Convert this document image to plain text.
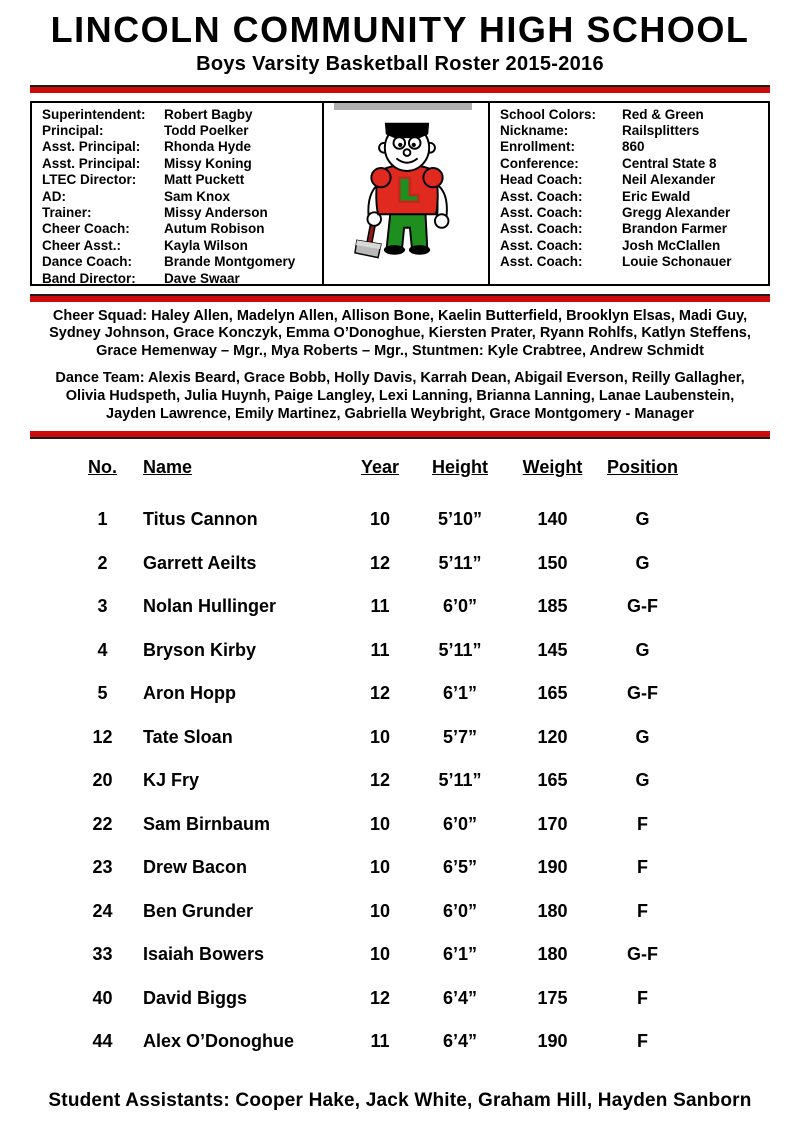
LINCOLN COMMUNITY HIGH SCHOOL
Boys Varsity Basketball Roster 2015-2016
Superintendent:	Robert Bagby
Principal:	Todd Poelker
Asst. Principal:	Rhonda Hyde
Asst. Principal:	Missy Koning
LTEC Director:	Matt Puckett
AD:	Sam Knox
Trainer:	Missy Anderson
Cheer Coach:	Autum Robison
Cheer Asst.:	Kayla Wilson
Dance Coach:	Brande Montgomery
Band Director:	Dave Swaar
School Colors:	Red & Green
Nickname:	Railsplitters
Enrollment:	860
Conference:	Central State 8
Head Coach:	Neil Alexander
Asst. Coach:	Eric Ewald
Asst. Coach:	Gregg Alexander
Asst. Coach:	Brandon Farmer
Asst. Coach:	Josh McClallen
Asst. Coach:	Louie Schonauer
Cheer Squad: Haley Allen, Madelyn Allen, Allison Bone, Kaelin Butterfield, Brooklyn Elsas, Madi Guy, Sydney Johnson, Grace Konczyk, Emma O’Donoghue, Kiersten Prater, Ryann Rohlfs, Katlyn Steffens, Grace Hemenway – Mgr., Mya Roberts – Mgr., Stuntmen: Kyle Crabtree, Andrew Schmidt
Dance Team: Alexis Beard, Grace Bobb, Holly Davis, Karrah Dean, Abigail Everson, Reilly Gallagher, Olivia Hudspeth, Julia Huynh, Paige Langley, Lexi Lanning, Brianna Lanning, Lanae Laubenstein, Jayden Lawrence, Emily Martinez, Gabriella Weybright, Grace Montgomery - Manager
No.	Name	Year	Height	Weight	Position
1	Titus Cannon	10	5’10”	140	G
2	Garrett Aeilts	12	5’11”	150	G
3	Nolan Hullinger	11	6’0”	185	G-F
4	Bryson Kirby	11	5’11”	145	G
5	Aron Hopp	12	6’1”	165	G-F
12	Tate Sloan	10	5’7”	120	G
20	KJ Fry	12	5’11”	165	G
22	Sam Birnbaum	10	6’0”	170	F
23	Drew Bacon	10	6’5”	190	F
24	Ben Grunder	10	6’0”	180	F
33	Isaiah Bowers	10	6’1”	180	G-F
40	David Biggs	12	6’4”	175	F
44	Alex O’Donoghue	11	6’4”	190	F
Student Assistants: Cooper Hake, Jack White, Graham Hill, Hayden Sanborn
